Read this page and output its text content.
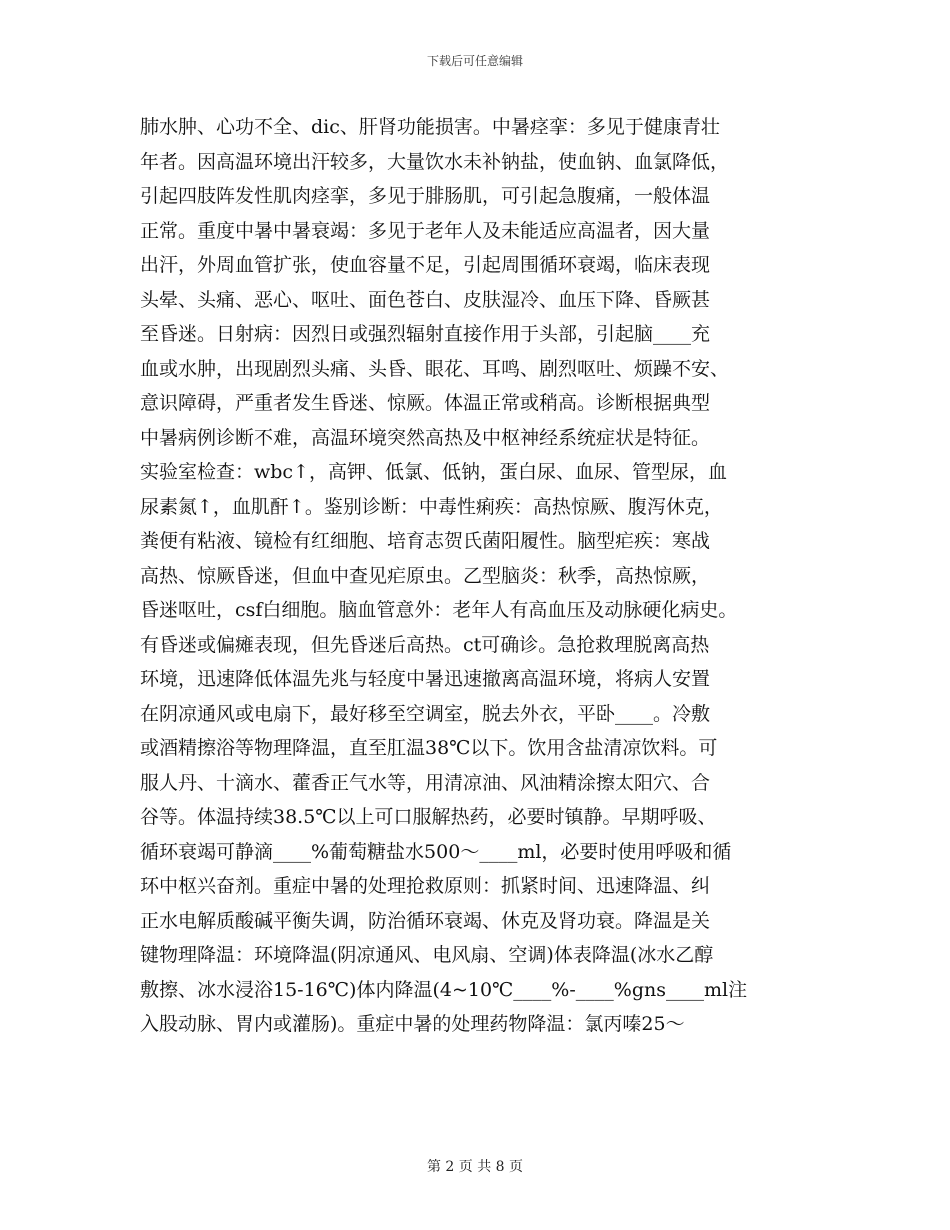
下载后可任意编辑
肺水肿、心功不全、dic、肝肾功能损害。中暑痉挛：多见于健康青壮
年者。因高温环境出汗较多，大量饮水未补钠盐，使血钠、血氯降低，
引起四肢阵发性肌肉痉挛，多见于腓肠肌，可引起急腹痛，一般体温
正常。重度中暑中暑衰竭：多见于老年人及未能适应高温者，因大量
出汗，外周血管扩张，使血容量不足，引起周围循环衰竭，临床表现
头晕、头痛、恶心、呕吐、面色苍白、皮肤湿冷、血压下降、昏厥甚
至昏迷。日射病：因烈日或强烈辐射直接作用于头部，引起脑____充
血或水肿，出现剧烈头痛、头昏、眼花、耳鸣、剧烈呕吐、烦躁不安、
意识障碍，严重者发生昏迷、惊厥。体温正常或稍高。诊断根据典型
中暑病例诊断不难，高温环境突然高热及中枢神经系统症状是特征。
实验室检查：wbc↑，高钾、低氯、低钠，蛋白尿、血尿、管型尿，血
尿素氮↑，血肌酐↑。鉴别诊断：中毒性痢疾：高热惊厥、腹泻休克，
粪便有粘液、镜检有红细胞、培育志贺氏菌阳履性。脑型疟疾：寒战
高热、惊厥昏迷，但血中查见疟原虫。乙型脑炎：秋季，高热惊厥，
昏迷呕吐，csf白细胞。脑血管意外：老年人有高血压及动脉硬化病史。
有昏迷或偏瘫表现，但先昏迷后高热。ct可确诊。急抢救理脱离高热
环境，迅速降低体温先兆与轻度中暑迅速撤离高温环境，将病人安置
在阴凉通风或电扇下，最好移至空调室，脱去外衣，平卧____。冷敷
或酒精擦浴等物理降温，直至肛温38℃以下。饮用含盐清凉饮料。可
服人丹、十滴水、藿香正气水等，用清凉油、风油精涂擦太阳穴、合
谷等。体温持续38.5℃以上可口服解热药，必要时镇静。早期呼吸、
循环衰竭可静滴____%葡萄糖盐水500～____ml，必要时使用呼吸和循
环中枢兴奋剂。重症中暑的处理抢救原则：抓紧时间、迅速降温、纠
正水电解质酸碱平衡失调，防治循环衰竭、休克及肾功衰。降温是关
键物理降温：环境降温(阴凉通风、电风扇、空调)体表降温(冰水乙醇
敷擦、冰水浸浴15-16℃)体内降温(4~10℃____%-____%gns____ml注
入股动脉、胃内或灌肠)。重症中暑的处理药物降温：氯丙嗪25～
第 2 页 共 8 页
